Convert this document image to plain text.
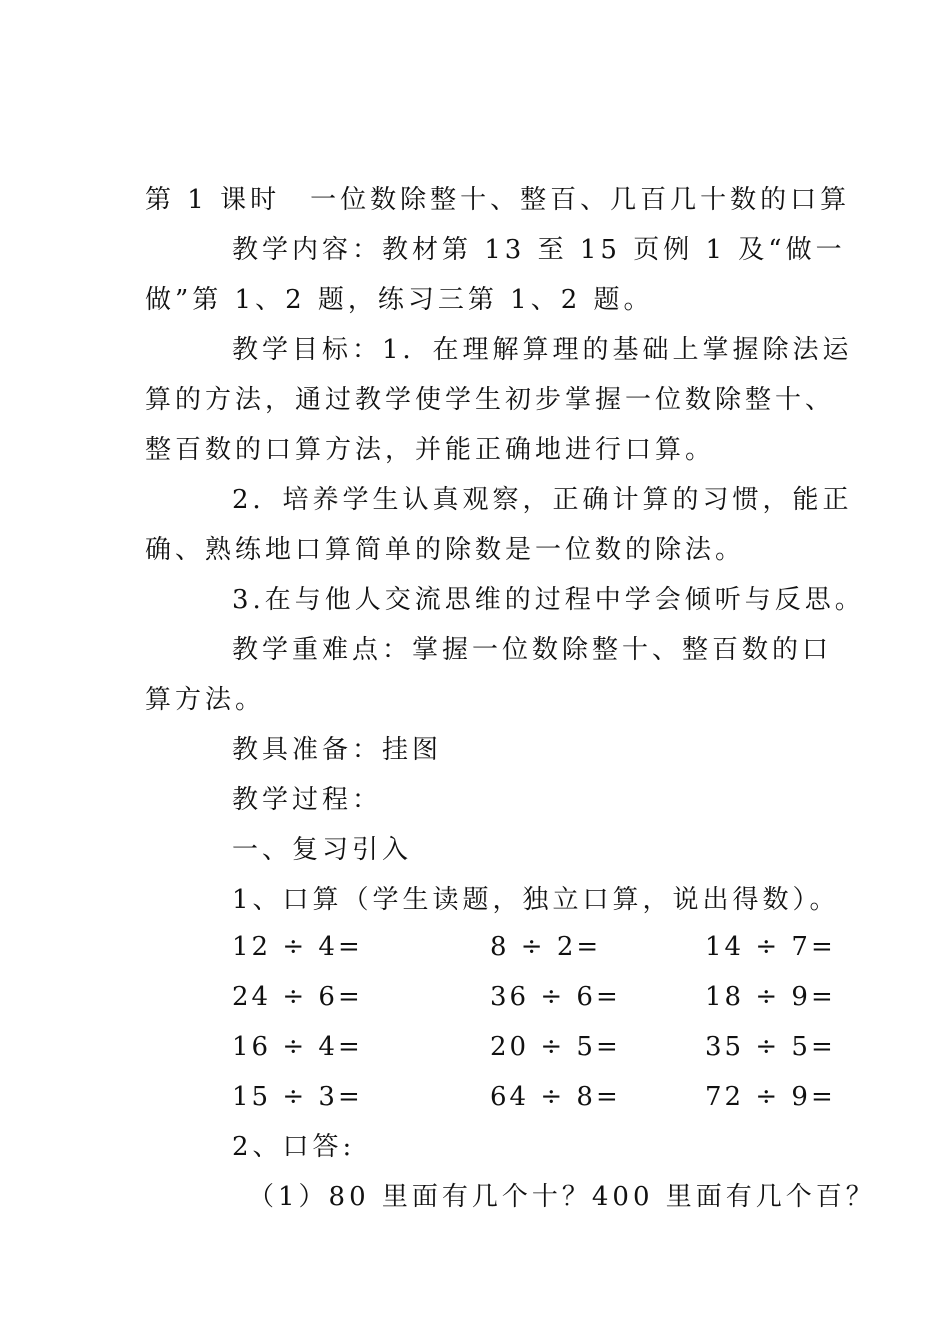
第 1 课时　一位数除整十、整百、几百几十数的口算
教学内容：教材第 13 至 15 页例 1 及“做一
做”第 1、2 题，练习三第 1、2 题。
教学目标：1．在理解算理的基础上掌握除法运
算的方法，通过教学使学生初步掌握一位数除整十、
整百数的口算方法，并能正确地进行口算。
2．培养学生认真观察，正确计算的习惯，能正
确、熟练地口算简单的除数是一位数的除法。
3.在与他人交流思维的过程中学会倾听与反思。
教学重难点：掌握一位数除整十、整百数的口
算方法。
教具准备：挂图
教学过程：
一、复习引入
1、口算（学生读题，独立口算，说出得数）。
12 ÷ 4=	8 ÷ 2=	14 ÷ 7=
24 ÷ 6=	36 ÷ 6=	18 ÷ 9=
16 ÷ 4=	20 ÷ 5=	35 ÷ 5=
15 ÷ 3=	64 ÷ 8=	72 ÷ 9=
2、口答:
（1）80 里面有几个十？400 里面有几个百？
